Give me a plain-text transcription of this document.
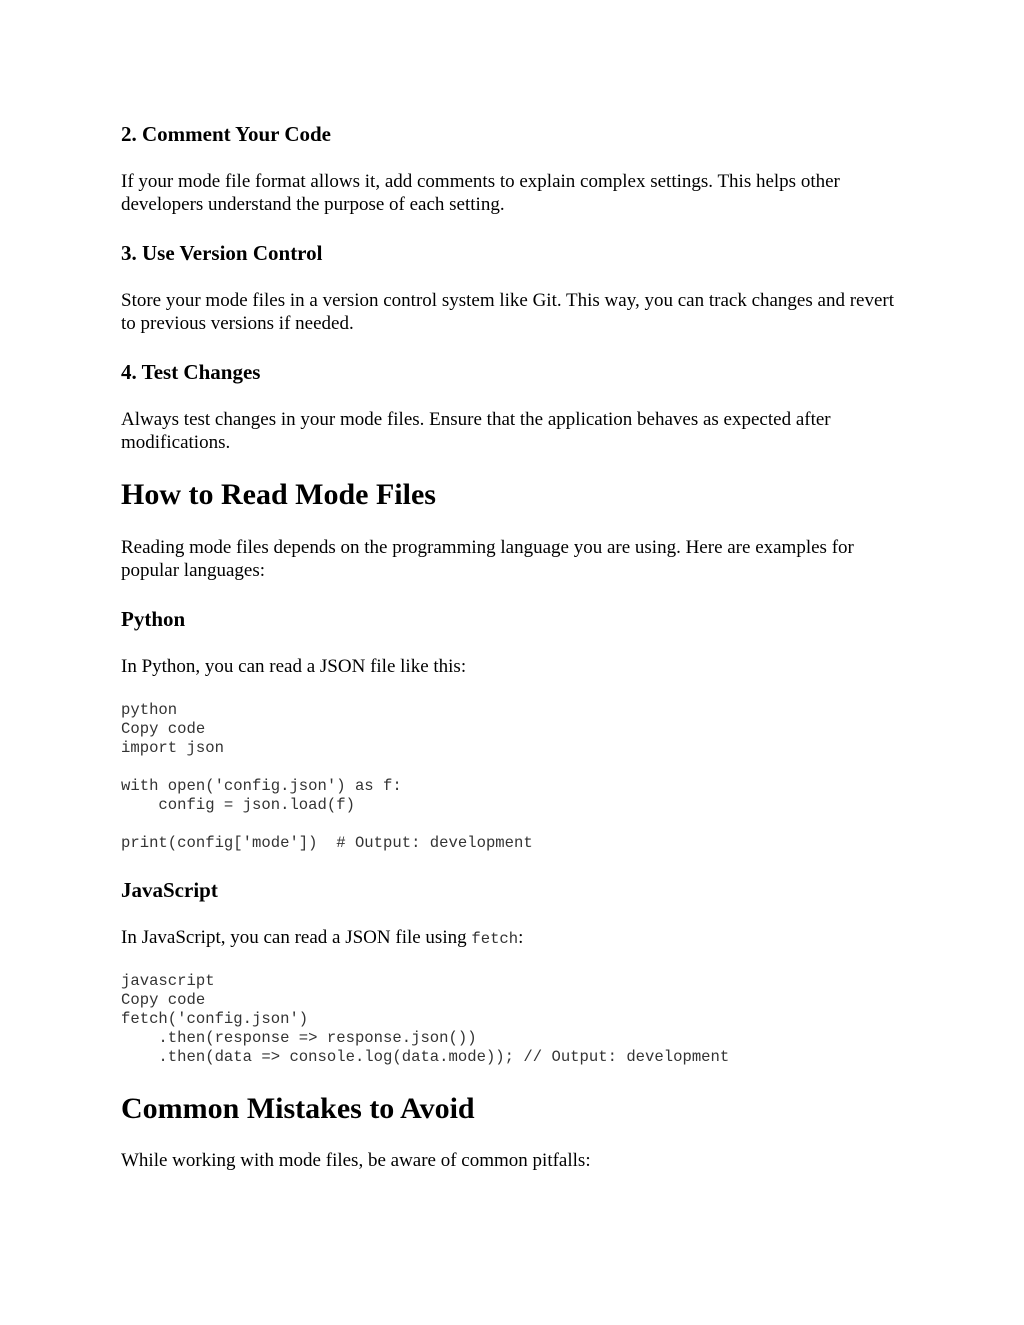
2. Comment Your Code

If your mode file format allows it, add comments to explain complex settings. This helps other developers understand the purpose of each setting.

3. Use Version Control

Store your mode files in a version control system like Git. This way, you can track changes and revert to previous versions if needed.

4. Test Changes

Always test changes in your mode files. Ensure that the application behaves as expected after modifications.

How to Read Mode Files

Reading mode files depends on the programming language you are using. Here are examples for popular languages:

Python

In Python, you can read a JSON file like this:

python
Copy code
import json

with open('config.json') as f:
config = json.load(f)

print(config['mode'])  # Output: development
JavaScript

In JavaScript, you can read a JSON file using fetch:

javascript
Copy code
fetch('config.json')
.then(response => response.json())
.then(data => console.log(data.mode)); // Output: development
Common Mistakes to Avoid

While working with mode files, be aware of common pitfalls:
